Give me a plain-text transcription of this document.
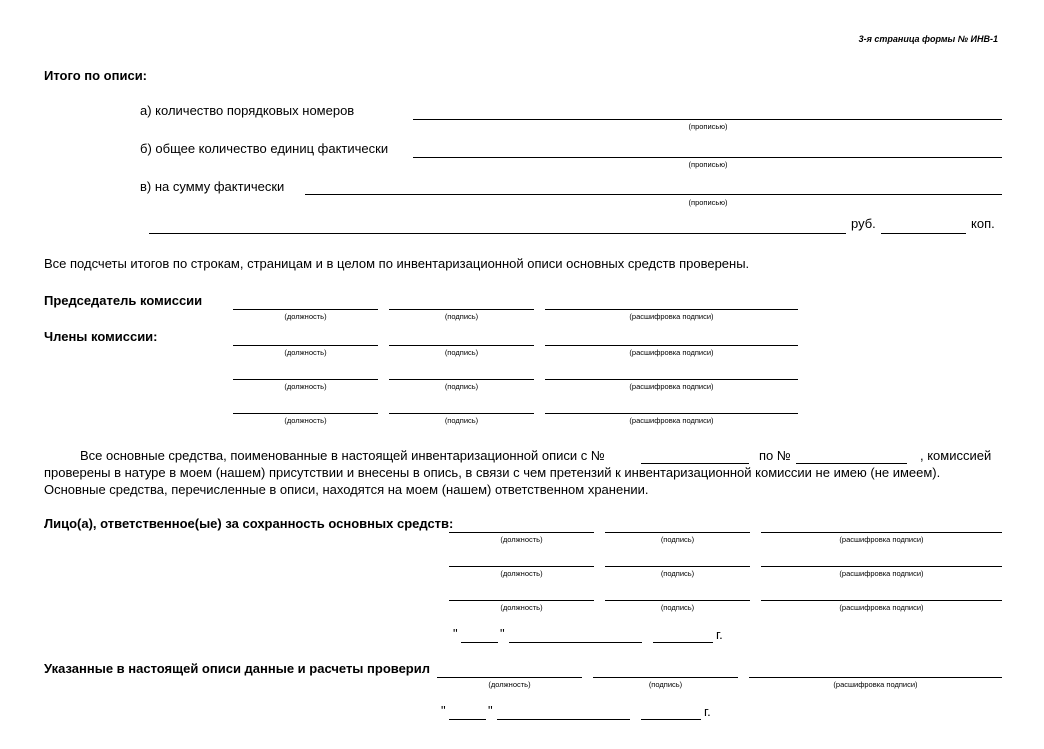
3-я страница формы № ИНВ-1
Итого по описи:
а) количество порядковых номеров
(прописью)
б) общее количество единиц фактически
(прописью)
в) на сумму фактически
(прописью)
руб.	коп.
Все подсчеты итогов по строкам, страницам и в целом по инвентаризационной описи основных средств проверены.
Председатель комиссии
Члены комиссии:
(должность)	(подпись)	(расшифровка подписи)
(должность)	(подпись)	(расшифровка подписи)
(должность)	(подпись)	(расшифровка подписи)
(должность)	(подпись)	(расшифровка подписи)
Все основные средства, поименованные в настоящей инвентаризационной описи с №	по №	, комиссией
проверены в натуре в моем (нашем) присутствии и внесены в опись, в связи с чем претензий к инвентаризационной комиссии не имею (не имеем).
Основные средства, перечисленные в описи, находятся на моем (нашем) ответственном хранении.
Лицо(а), ответственное(ые) за сохранность основных средств:
(должность)	(подпись)	(расшифровка подписи)
(должность)	(подпись)	(расшифровка подписи)
(должность)	(подпись)	(расшифровка подписи)
"	"	г.
Указанные в настоящей описи данные и расчеты проверил
(должность)	(подпись)	(расшифровка подписи)
"	"	г.
